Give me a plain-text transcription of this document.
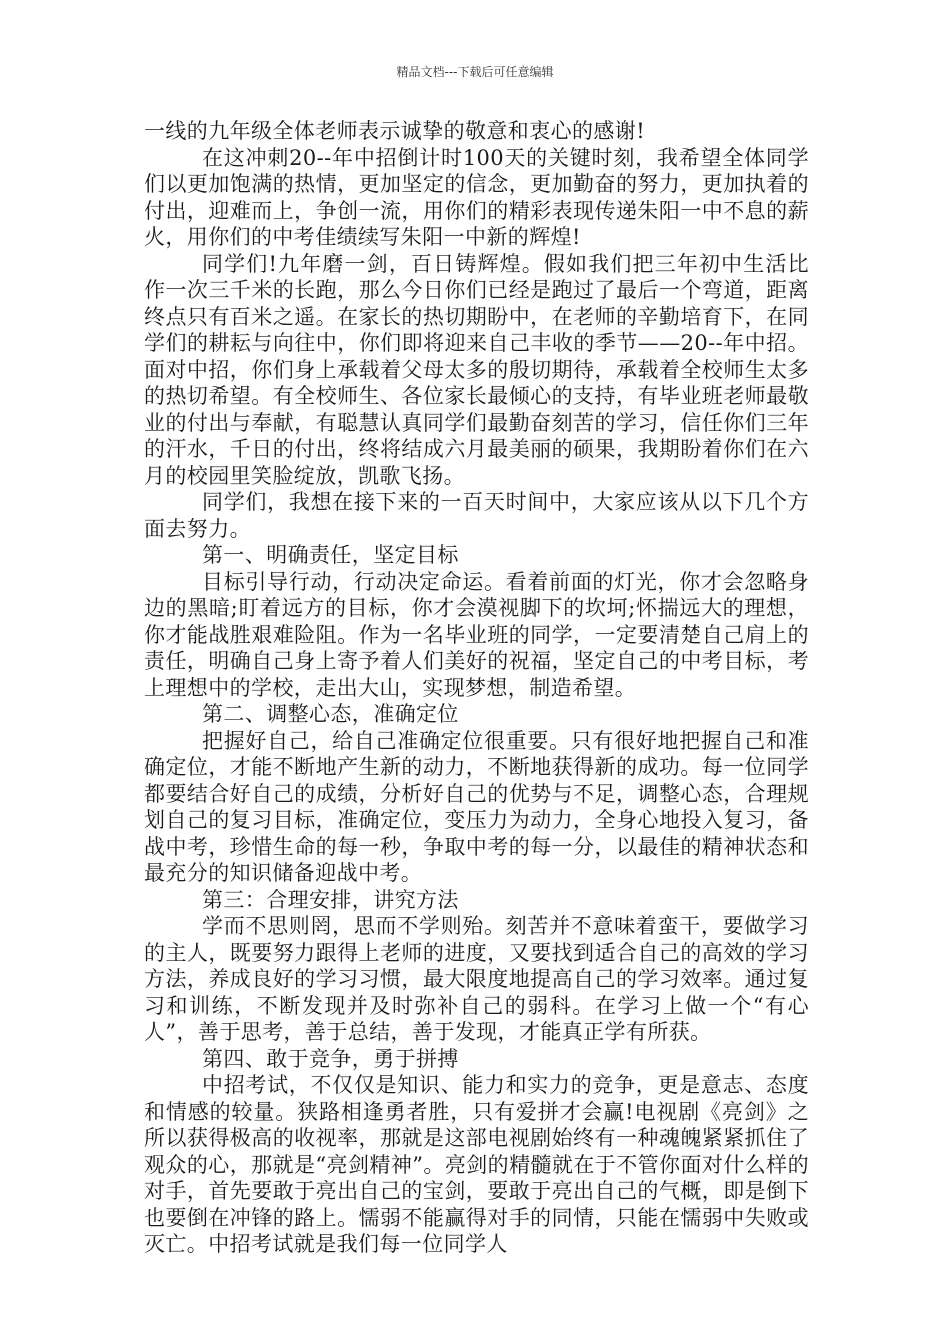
精品文档---下载后可任意编辑

一线的九年级全体老师表示诚挚的敬意和衷心的感谢!

在这冲刺20--年中招倒计时100天的关键时刻，我希望全体同学们以更加饱满的热情，更加坚定的信念，更加勤奋的努力，更加执着的付出，迎难而上，争创一流，用你们的精彩表现传递朱阳一中不息的薪火，用你们的中考佳绩续写朱阳一中新的辉煌!

同学们!九年磨一剑，百日铸辉煌。假如我们把三年初中生活比作一次三千米的长跑，那么今日你们已经是跑过了最后一个弯道，距离终点只有百米之遥。在家长的热切期盼中，在老师的辛勤培育下，在同学们的耕耘与向往中，你们即将迎来自己丰收的季节——20--年中招。面对中招，你们身上承载着父母太多的殷切期待，承载着全校师生太多的热切希望。有全校师生、各位家长最倾心的支持，有毕业班老师最敬业的付出与奉献，有聪慧认真同学们最勤奋刻苦的学习，信任你们三年的汗水，千日的付出，终将结成六月最美丽的硕果，我期盼着你们在六月的校园里笑脸绽放，凯歌飞扬。

同学们，我想在接下来的一百天时间中，大家应该从以下几个方面去努力。

第一、明确责任，坚定目标

目标引导行动，行动决定命运。看着前面的灯光，你才会忽略身边的黑暗;盯着远方的目标，你才会漠视脚下的坎坷;怀揣远大的理想，你才能战胜艰难险阻。作为一名毕业班的同学，一定要清楚自己肩上的责任，明确自己身上寄予着人们美好的祝福，坚定自己的中考目标，考上理想中的学校，走出大山，实现梦想，制造希望。

第二、调整心态，准确定位

把握好自己，给自己准确定位很重要。只有很好地把握自己和准确定位，才能不断地产生新的动力，不断地获得新的成功。每一位同学都要结合好自己的成绩，分析好自己的优势与不足，调整心态，合理规划自己的复习目标，准确定位，变压力为动力，全身心地投入复习，备战中考，珍惜生命的每一秒，争取中考的每一分，以最佳的精神状态和最充分的知识储备迎战中考。

第三：合理安排，讲究方法

学而不思则罔，思而不学则殆。刻苦并不意味着蛮干，要做学习的主人，既要努力跟得上老师的进度，又要找到适合自己的高效的学习方法，养成良好的学习习惯，最大限度地提高自己的学习效率。通过复习和训练，不断发现并及时弥补自己的弱科。在学习上做一个“有心人”，善于思考，善于总结，善于发现，才能真正学有所获。

第四、敢于竞争，勇于拼搏

中招考试，不仅仅是知识、能力和实力的竞争，更是意志、态度和情感的较量。狭路相逢勇者胜，只有爱拼才会赢!电视剧《亮剑》之所以获得极高的收视率，那就是这部电视剧始终有一种魂魄紧紧抓住了观众的心，那就是“亮剑精神”。亮剑的精髓就在于不管你面对什么样的对手，首先要敢于亮出自己的宝剑，要敢于亮出自己的气概，即是倒下也要倒在冲锋的路上。懦弱不能赢得对手的同情，只能在懦弱中失败或灭亡。中招考试就是我们每一位同学人
